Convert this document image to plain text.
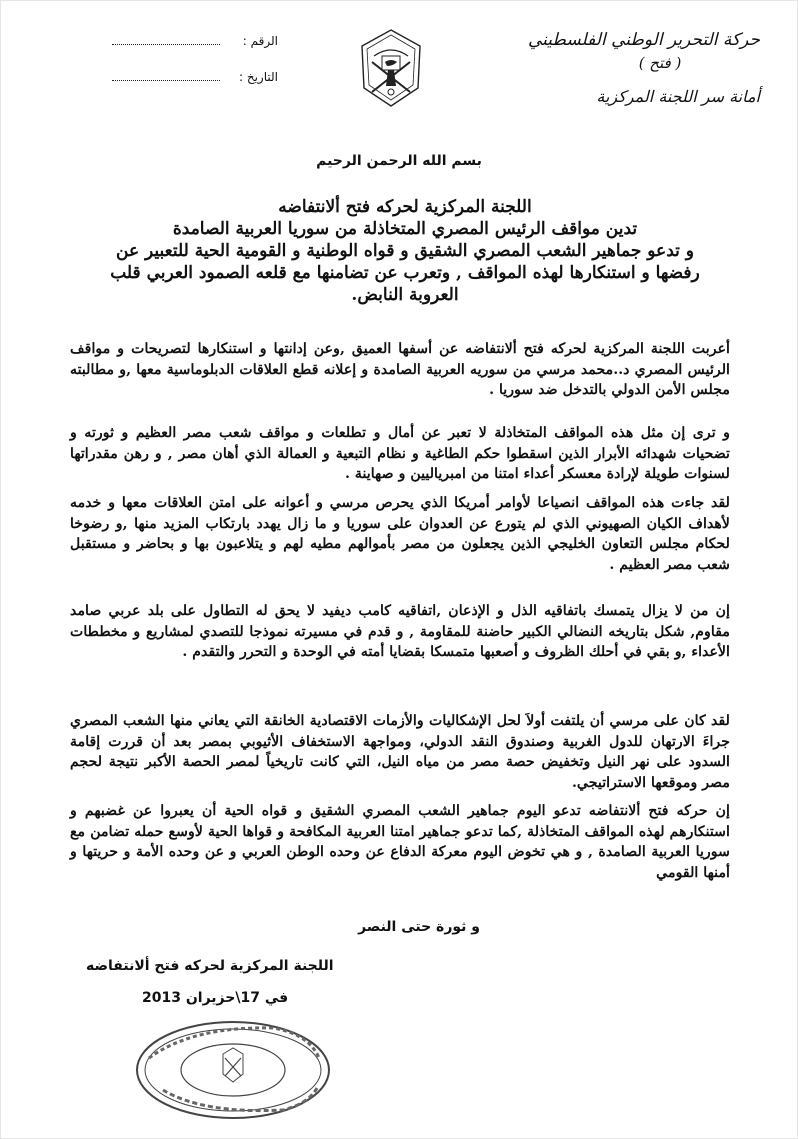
حركة التحرير الوطني الفلسطيني
( فتح )
أمانة سر اللجنة المركزية
الرقم :
التاريخ :
بسم الله الرحمن الرحيم
اللجنة المركزية لحركه فتح ألانتفاضه
تدين مواقف الرئيس المصري المتخاذلة من سوريا العربية الصامدة
و تدعو جماهير الشعب المصري الشقيق و قواه الوطنية و القومية الحية للتعبير عن
رفضها و استنكارها لهذه المواقف , وتعرب عن تضامنها مع قلعه الصمود العربي قلب
العروبة النابض.

أعربت اللجنة المركزية لحركه فتح ألانتفاضه عن أسفها العميق ,وعن إدانتها و استنكارها لتصريحات و مواقف الرئيس المصري د..محمد مرسي من سوريه العربية الصامدة و إعلانه قطع العلاقات الدبلوماسية معها ,و مطالبته مجلس الأمن الدولي بالتدخل ضد سوريا .

و ترى إن مثل هذه المواقف المتخاذلة لا تعبر عن أمال و تطلعات و مواقف شعب مصر العظيم و ثورته و تضحيات شهدائه الأبرار الذين اسقطوا حكم الطاغية و نظام التبعية و العمالة الذي أهان مصر , و رهن مقدراتها لسنوات طويلة لإرادة معسكر أعداء امتنا من امبرياليين و صهاينة .

لقد جاءت هذه المواقف انصياعا لأوامر أمريكا الذي يحرص مرسي و أعوانه على امتن العلاقات معها و خدمه لأهداف الكيان الصهيوني الذي لم يتورع عن العدوان على سوريا و ما زال يهدد بارتكاب المزيد منها ,و رضوخا لحكام مجلس التعاون الخليجي الذين يجعلون من مصر بأموالهم مطيه لهم و يتلاعبون بها و بحاضر و مستقبل شعب مصر العظيم .

إن من لا يزال يتمسك باتفاقيه الذل و الإذعان ,اتفاقيه كامب ديفيد لا يحق له التطاول على بلد عربي صامد مقاوم, شكل بتاريخه النضالي الكبير حاضنة للمقاومة , و قدم في مسيرته نموذجا للتصدي لمشاريع و مخططات الأعداء ,و بقي في أحلك الظروف و أصعبها متمسكا بقضايا أمته في الوحدة و التحرر والتقدم .

لقد كان على مرسي أن يلتفت أولاَ لحل الإشكاليات والأزمات الاقتصادية الخانقة التي يعاني منها الشعب المصري جراءَ الارتهان للدول الغربية وصندوق النقد الدولي، ومواجهة الاستخفاف الأثيوبي بمصر بعد أن قررت إقامة السدود على نهر النيل وتخفيض حصة مصر من مياه النيل، التي كانت تاريخياً لمصر الحصة الأكبر نتيجة لحجم مصر وموقعها الاستراتيجي.

إن حركه فتح ألانتفاضه تدعو اليوم جماهير الشعب المصري الشقيق و قواه الحية أن يعبروا عن غضبهم و استنكارهم لهذه المواقف المتخاذلة ,كما تدعو جماهير امتنا العربية المكافحة و قواها الحية لأوسع حمله تضامن مع سوريا العربية الصامدة , و هي تخوض اليوم معركة الدفاع عن وحده الوطن العربي و عن وحده الأمة و حريتها و أمنها القومي

و ثورة حتى النصر
اللجنة المركزية لحركه فتح ألانتفاضه
في 17\حزيران 2013
